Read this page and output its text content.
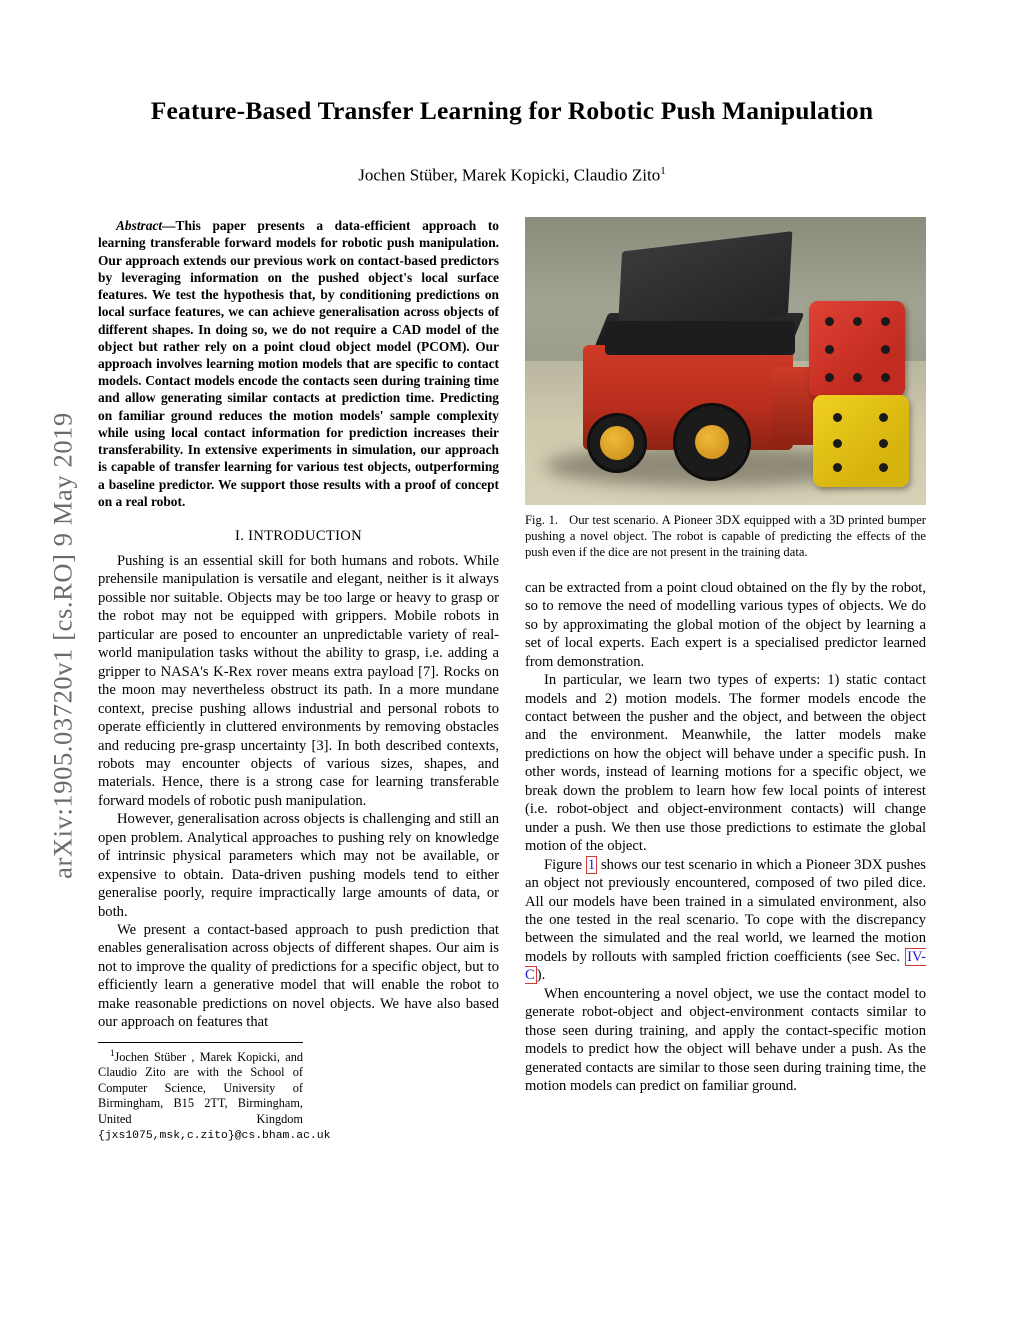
arXiv:1905.03720v1 [cs.RO] 9 May 2019
Feature-Based Transfer Learning for Robotic Push Manipulation
Jochen Stüber, Marek Kopicki, Claudio Zito$^1$
Abstract—This paper presents a data-efficient approach to learning transferable forward models for robotic push manipulation. Our approach extends our previous work on contact-based predictors by leveraging information on the pushed object's local surface features. We test the hypothesis that, by conditioning predictions on local surface features, we can achieve generalisation across objects of different shapes. In doing so, we do not require a CAD model of the object but rather rely on a point cloud object model (PCOM). Our approach involves learning motion models that are specific to contact models. Contact models encode the contacts seen during training time and allow generating similar contacts at prediction time. Predicting on familiar ground reduces the motion models' sample complexity while using local contact information for prediction increases their transferability. In extensive experiments in simulation, our approach is capable of transfer learning for various test objects, outperforming a baseline predictor. We support those results with a proof of concept on a real robot.
I. INTRODUCTION

Pushing is an essential skill for both humans and robots. While prehensile manipulation is versatile and elegant, neither is it always possible nor suitable. Objects may be too large or heavy to grasp or the robot may not be equipped with grippers. Mobile robots in particular are posed to encounter an unpredictable variety of real-world manipulation tasks without the ability to grasp, i.e. adding a gripper to NASA's K-Rex rover means extra payload [7]. Rocks on the moon may nevertheless obstruct its path. In a more mundane context, precise pushing allows industrial and personal robots to operate efficiently in cluttered environments by removing obstacles and reducing pre-grasp uncertainty [3]. In both described contexts, robots may encounter objects of various sizes, shapes, and materials. Hence, there is a strong case for learning transferable forward models of robotic push manipulation.

However, generalisation across objects is challenging and still an open problem. Analytical approaches to pushing rely on knowledge of intrinsic physical parameters which may not be available, or expensive to obtain. Data-driven pushing models tend to either generalise poorly, require impractically large amounts of data, or both.

We present a contact-based approach to push prediction that enables generalisation across objects of different shapes. Our aim is not to improve the quality of predictions for a specific object, but to efficiently learn a generative model that will enable the robot to make reasonable predictions on novel objects. We have also based our approach on features that

$^1$Jochen Stüber , Marek Kopicki, and Claudio Zito are with the School of Computer Science, University of Birmingham, B15 2TT, Birmingham, United Kingdom {jxs1075,msk,c.zito}@cs.bham.ac.uk
Fig. 1. Our test scenario. A Pioneer 3DX equipped with a 3D printed bumper pushing a novel object. The robot is capable of predicting the effects of the push even if the dice are not present in the training data.

can be extracted from a point cloud obtained on the fly by the robot, so to remove the need of modelling various types of objects. We do so by approximating the global motion of the object by learning a set of local experts. Each expert is a specialised predictor learned from demonstration.

In particular, we learn two types of experts: 1) static contact models and 2) motion models. The former models encode the contact between the pusher and the object, and between the object and the environment. Meanwhile, the latter models make predictions on how the object will behave under a specific push. In other words, instead of learning motions for a specific object, we break down the problem to learn how few local points of interest (i.e. robot-object and object-environment contacts) will change under a push. We then use those predictions to estimate the global motion of the object.

Figure 1 shows our test scenario in which a Pioneer 3DX pushes an object not previously encountered, composed of two piled dice. All our models have been trained in a simulated environment, also the one tested in the real scenario. To cope with the discrepancy between the simulated and the real world, we learned the motion models by rollouts with sampled friction coefficients (see Sec. IV-C ).

When encountering a novel object, we use the contact model to generate robot-object and object-environment contacts similar to those seen during training, and apply the contact-specific motion models to predict how the object will behave under a push. As the generated contacts are similar to those seen during training time, the motion models can predict on familiar ground.
